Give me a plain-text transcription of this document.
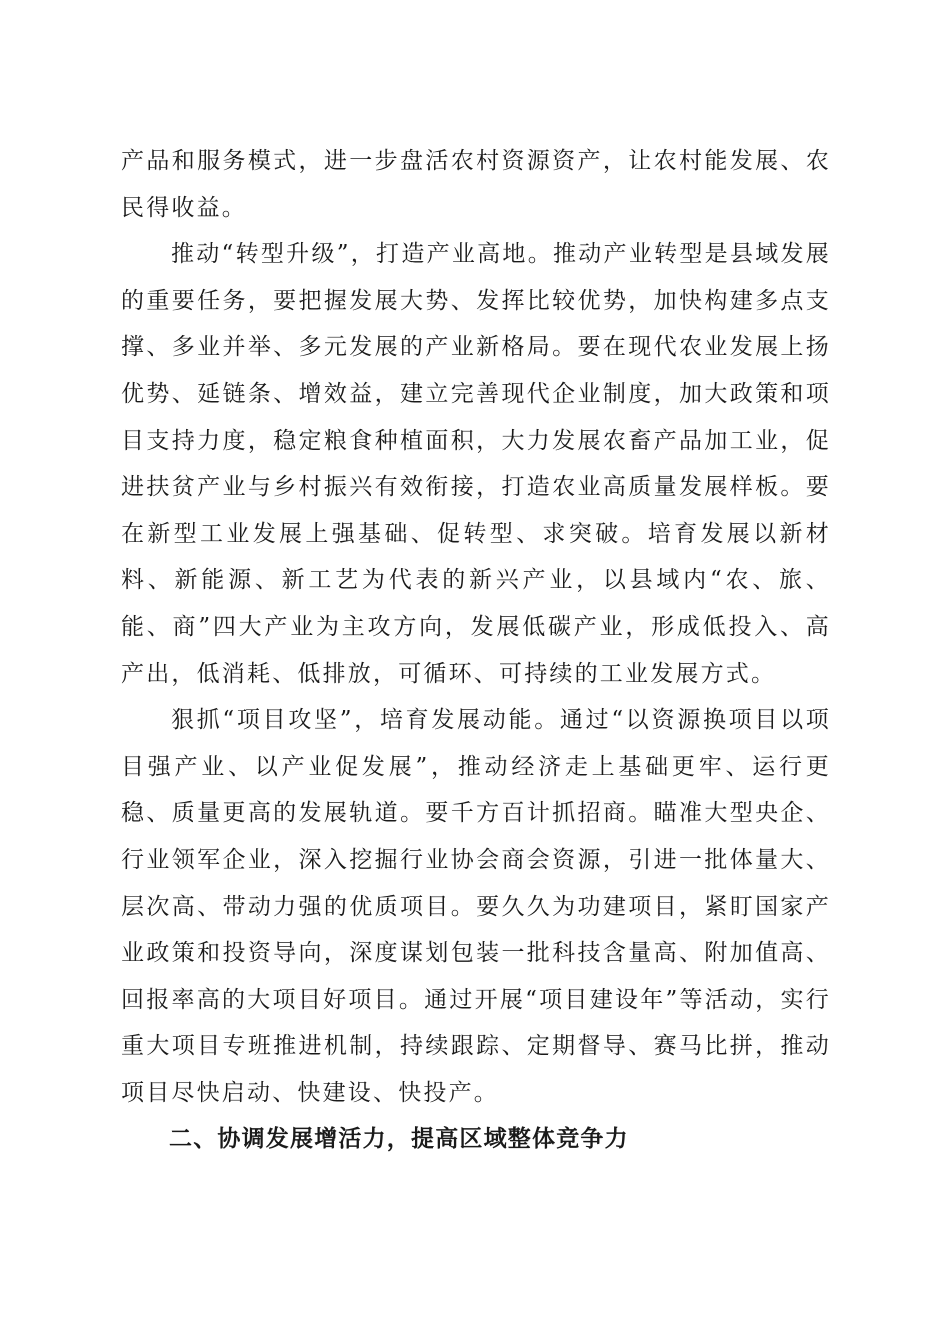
产品和服务模式，进一步盘活农村资源资产，让农村能发展、农民得收益。

推动“转型升级”，打造产业高地。推动产业转型是县域发展的重要任务，要把握发展大势、发挥比较优势，加快构建多点支撑、多业并举、多元发展的产业新格局。要在现代农业发展上扬优势、延链条、增效益，建立完善现代企业制度，加大政策和项目支持力度，稳定粮食种植面积，大力发展农畜产品加工业，促进扶贫产业与乡村振兴有效衔接，打造农业高质量发展样板。要在新型工业发展上强基础、促转型、求突破。培育发展以新材料、新能源、新工艺为代表的新兴产业，以县域内“农、旅、能、商”四大产业为主攻方向，发展低碳产业，形成低投入、高产出，低消耗、低排放，可循环、可持续的工业发展方式。

狠抓“项目攻坚”，培育发展动能。通过“以资源换项目以项目强产业、以产业促发展”，推动经济走上基础更牢、运行更稳、质量更高的发展轨道。要千方百计抓招商。瞄准大型央企、行业领军企业，深入挖掘行业协会商会资源，引进一批体量大、层次高、带动力强的优质项目。要久久为功建项目，紧盯国家产业政策和投资导向，深度谋划包装一批科技含量高、附加值高、回报率高的大项目好项目。通过开展“项目建设年”等活动，实行重大项目专班推进机制，持续跟踪、定期督导、赛马比拼，推动项目尽快启动、快建设、快投产。

二、协调发展增活力，提高区域整体竞争力
